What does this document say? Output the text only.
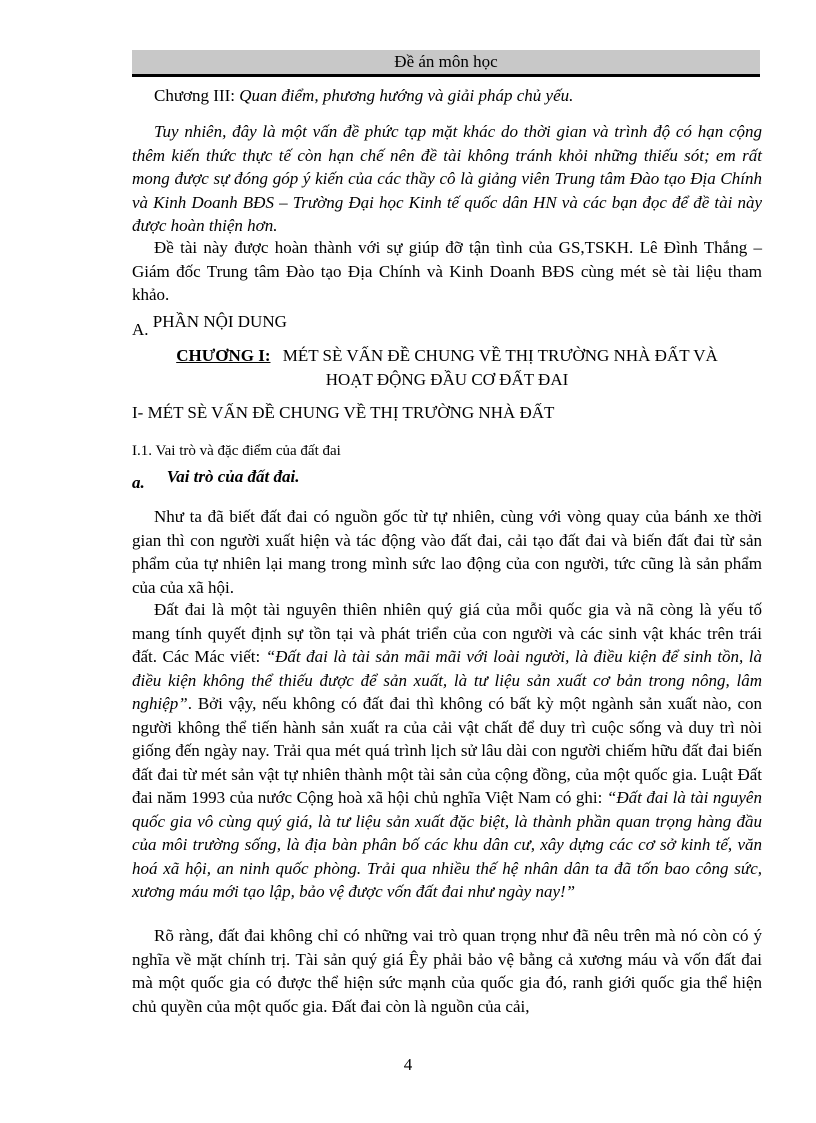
Đề án môn học
Chương III: Quan điểm, phương hướng và giải pháp chủ yếu.
Tuy nhiên, đây là một vấn đề phức tạp mặt khác do thời gian và trình độ có hạn cộng thêm kiến thức thực tế còn hạn chế nên đề tài không tránh khỏi những thiếu sót; em rất mong được sự đóng góp ý kiến của các thầy cô là giảng viên Trung tâm Đào tạo Địa Chính và Kinh Doanh BĐS – Trường Đại học Kinh tế quốc dân HN và các bạn đọc để đề tài này được hoàn thiện hơn.
Đề tài này được hoàn thành với sự giúp đỡ tận tình của GS,TSKH. Lê Đình Thắng – Giám đốc Trung tâm Đào tạo Địa Chính và Kinh Doanh BĐS cùng mét sè tài liệu tham khảo.
A. PHẦN NỘI DUNG
CHƯƠNG I: MÉT SÈ VẤN ĐỀ CHUNG VỀ THỊ TRƯỜNG NHÀ ĐẤT VÀ
HOẠT ĐỘNG ĐẦU CƠ ĐẤT ĐAI
I- MÉT SÈ VẤN ĐỀ CHUNG VỀ THỊ TRƯỜNG NHÀ ĐẤT
I.1. Vai trò và đặc điểm của đất đai
a. Vai trò của đất đai.
Như ta đã biết đất đai có nguồn gốc từ tự nhiên, cùng với vòng quay của bánh xe thời gian thì con người xuất hiện và tác động vào đất đai, cải tạo đất đai và biến đất đai từ sản phẩm của tự nhiên lại mang trong mình sức lao động của con người, tức cũng là sản phẩm của của xã hội.
Đất đai là một tài nguyên thiên nhiên quý giá của mỗi quốc gia và nã còng là yếu tố mang tính quyết định sự tồn tại và phát triển của con người và các sinh vật khác trên trái đất. Các Mác viết: “Đất đai là tài sản mãi mãi với loài người, là điều kiện để sinh tồn, là điều kiện không thể thiếu được để sản xuất, là tư liệu sản xuất cơ bản trong nông, lâm nghiệp”. Bởi vậy, nếu không có đất đai thì không có bất kỳ một ngành sản xuất nào, con người không thể tiến hành sản xuất ra của cải vật chất để duy trì cuộc sống và duy trì nòi giống đến ngày nay. Trải qua mét quá trình lịch sử lâu dài con người chiếm hữu đất đai biến đất đai từ mét sản vật tự nhiên thành một tài sản của cộng đồng, của một quốc gia. Luật Đất đai năm 1993 của nước Cộng hoà xã hội chủ nghĩa Việt Nam có ghi: “Đất đai là tài nguyên quốc gia vô cùng quý giá, là tư liệu sản xuất đặc biệt, là thành phần quan trọng hàng đầu của môi trường sống, là địa bàn phân bố các khu dân cư, xây dựng các cơ sở kinh tế, văn hoá xã hội, an ninh quốc phòng. Trải qua nhiều thế hệ nhân dân ta đã tốn bao công sức, xương máu mới tạo lập, bảo vệ được vốn đất đai như ngày nay!”
Rõ ràng, đất đai không chỉ có những vai trò quan trọng như đã nêu trên mà nó còn có ý nghĩa về mặt chính trị. Tài sản quý giá Êy phải bảo vệ bằng cả xương máu và vốn đất đai mà một quốc gia có được thể hiện sức mạnh của quốc gia đó, ranh giới quốc gia thể hiện chủ quyền của một quốc gia. Đất đai còn là nguồn của cải,
4
